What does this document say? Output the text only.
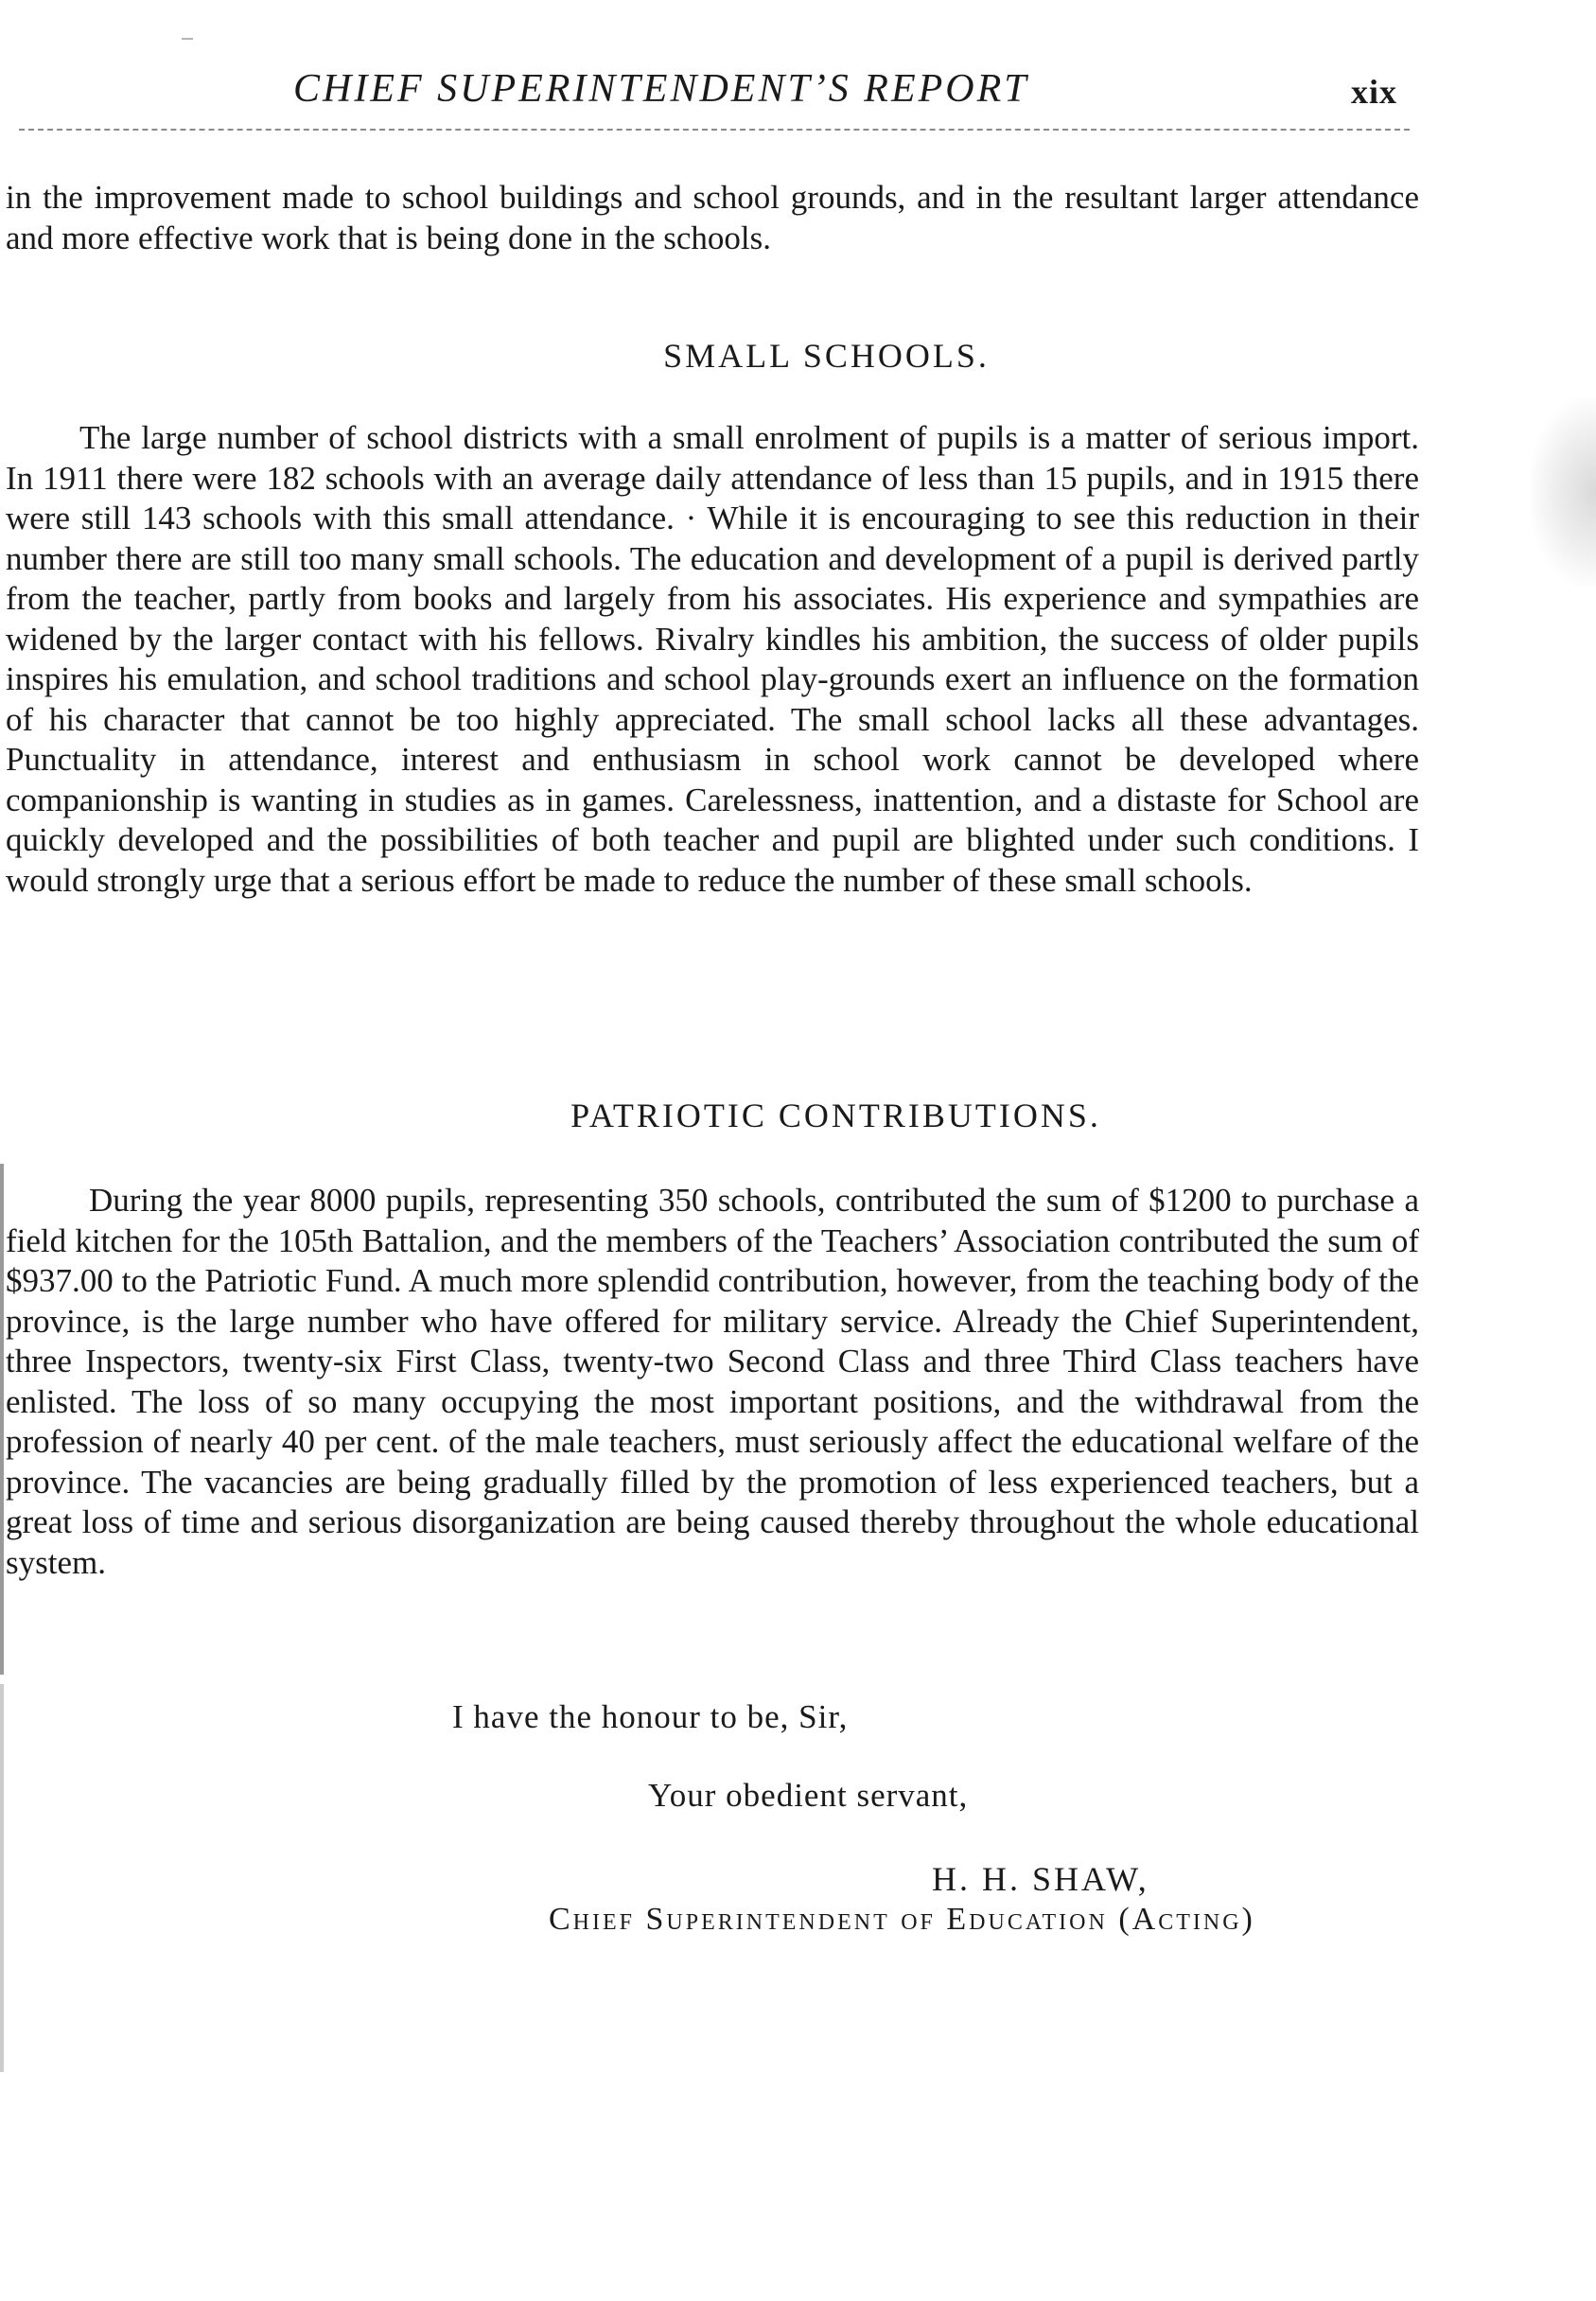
CHIEF SUPERINTENDENT’S REPORT	xix

in the improvement made to school buildings and school grounds, and in the resultant larger attendance and more effective work that is being done in the schools.

SMALL SCHOOLS.

The large number of school districts with a small enrolment of pupils is a matter of serious import. In 1911 there were 182 schools with an average daily attendance of less than 15 pupils, and in 1915 there were still 143 schools with this small attendance. · While it is encouraging to see this reduction in their number there are still too many small schools. The education and development of a pupil is derived partly from the teacher, partly from books and largely from his associates. His experience and sympathies are widened by the larger contact with his fellows. Rivalry kindles his ambition, the success of older pupils inspires his emulation, and school traditions and school play-grounds exert an influence on the formation of his character that cannot be too highly appreciated. The small school lacks all these advantages. Punctuality in attendance, interest and enthusiasm in school work cannot be developed where companionship is wanting in studies as in games. Carelessness, inattention, and a distaste for School are quickly developed and the possibilities of both teacher and pupil are blighted under such conditions. I would strongly urge that a serious effort be made to reduce the number of these small schools.

PATRIOTIC CONTRIBUTIONS.

During the year 8000 pupils, representing 350 schools, contributed the sum of $1200 to purchase a field kitchen for the 105th Battalion, and the members of the Teachers’ Association contributed the sum of $937.00 to the Patriotic Fund. A much more splendid contribution, however, from the teaching body of the province, is the large number who have offered for military service. Already the Chief Superintendent, three Inspectors, twenty-six First Class, twenty-two Second Class and three Third Class teachers have enlisted. The loss of so many occupying the most important positions, and the withdrawal from the profession of nearly 40 per cent. of the male teachers, must seriously affect the educational welfare of the province. The vacancies are being gradually filled by the promotion of less experienced teachers, but a great loss of time and serious disorganization are being caused thereby throughout the whole educational system.

I have the honour to be, Sir,
Your obedient servant,
H. H. SHAW,
Chief Superintendent of Education (Acting)
